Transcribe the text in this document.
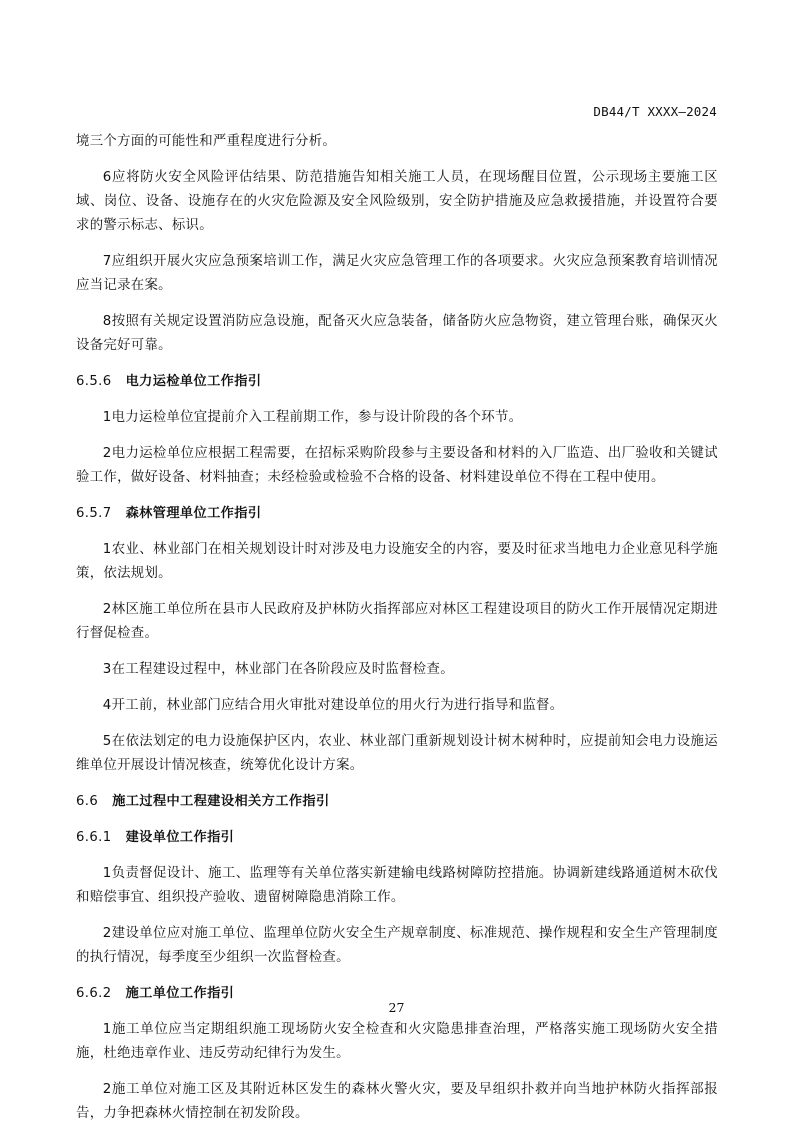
DB44/T XXXX—2024

境三个方面的可能性和严重程度进行分析。

6应将防火安全风险评估结果、防范措施告知相关施工人员，在现场醒目位置，公示现场主要施工区域、岗位、设备、设施存在的火灾危险源及安全风险级别，安全防护措施及应急救援措施，并设置符合要求的警示标志、标识。

7应组织开展火灾应急预案培训工作，满足火灾应急管理工作的各项要求。火灾应急预案教育培训情况应当记录在案。

8按照有关规定设置消防应急设施，配备灭火应急装备，储备防火应急物资，建立管理台账，确保灭火设备完好可靠。

6.5.6 电力运检单位工作指引

1电力运检单位宜提前介入工程前期工作，参与设计阶段的各个环节。

2电力运检单位应根据工程需要，在招标采购阶段参与主要设备和材料的入厂监造、出厂验收和关键试验工作，做好设备、材料抽查；未经检验或检验不合格的设备、材料建设单位不得在工程中使用。

6.5.7 森林管理单位工作指引

1农业、林业部门在相关规划设计时对涉及电力设施安全的内容，要及时征求当地电力企业意见科学施策，依法规划。

2林区施工单位所在县市人民政府及护林防火指挥部应对林区工程建设项目的防火工作开展情况定期进行督促检查。

3在工程建设过程中，林业部门在各阶段应及时监督检查。

4开工前，林业部门应结合用火审批对建设单位的用火行为进行指导和监督。

5在依法划定的电力设施保护区内，农业、林业部门重新规划设计树木树种时，应提前知会电力设施运维单位开展设计情况核查，统筹优化设计方案。

6.6 施工过程中工程建设相关方工作指引
6.6.1 建设单位工作指引

1负责督促设计、施工、监理等有关单位落实新建输电线路树障防控措施。协调新建线路通道树木砍伐和赔偿事宜、组织投产验收、遗留树障隐患消除工作。

2建设单位应对施工单位、监理单位防火安全生产规章制度、标准规范、操作规程和安全生产管理制度的执行情况，每季度至少组织一次监督检查。

6.6.2 施工单位工作指引

1施工单位应当定期组织施工现场防火安全检查和火灾隐患排查治理，严格落实施工现场防火安全措施，杜绝违章作业、违反劳动纪律行为发生。

2施工单位对施工区及其附近林区发生的森林火警火灾，要及早组织扑救并向当地护林防火指挥部报告，力争把森林火情控制在初发阶段。

27
